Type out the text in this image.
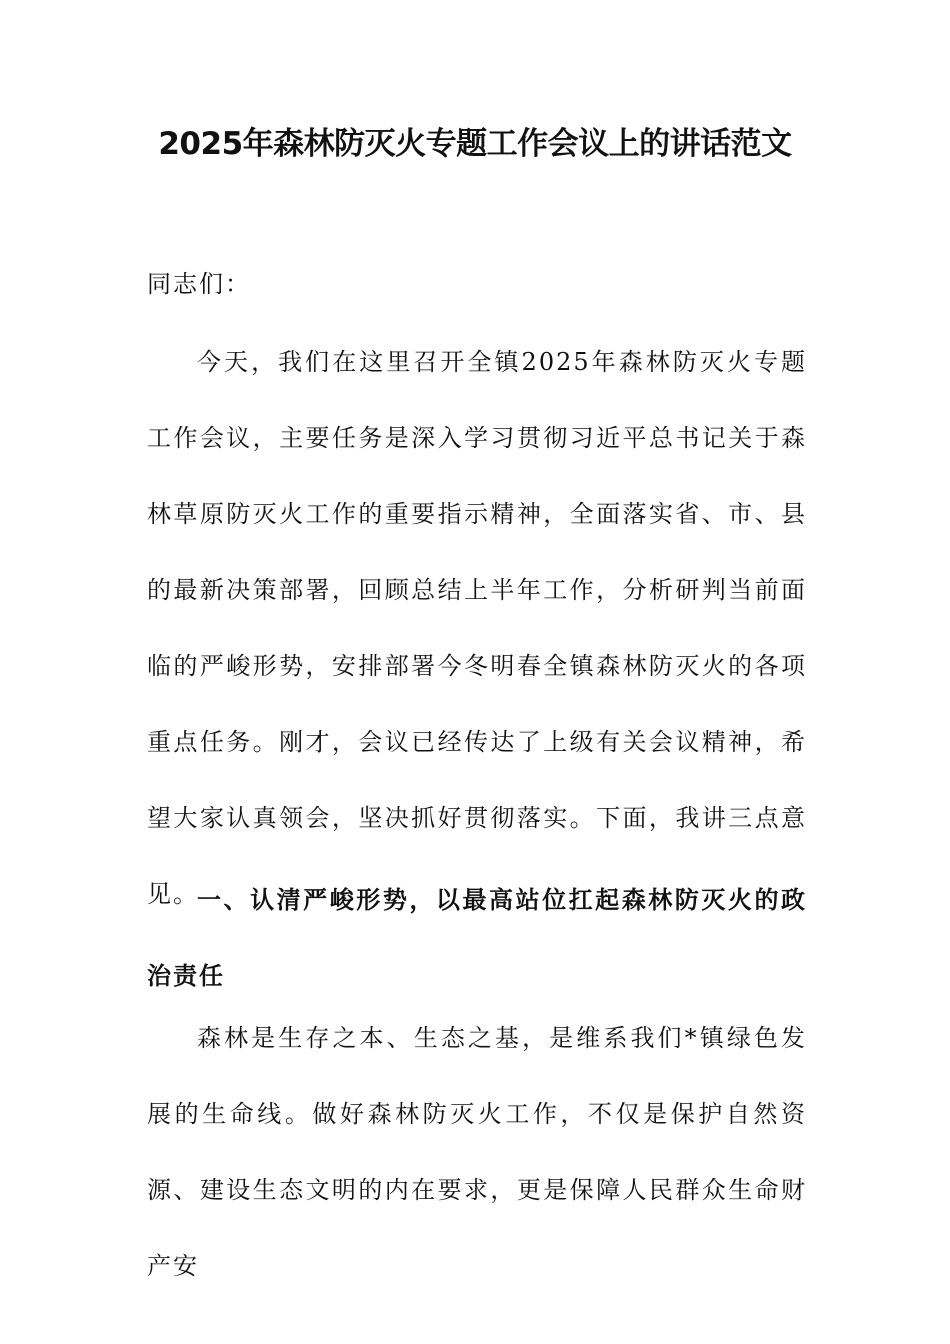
2025年森林防灭火专题工作会议上的讲话范文

同志们：

今天，我们在这里召开全镇2025年森林防灭火专题工作会议，主要任务是深入学习贯彻习近平总书记关于森林草原防灭火工作的重要指示精神，全面落实省、市、县的最新决策部署，回顾总结上半年工作，分析研判当前面临的严峻形势，安排部署今冬明春全镇森林防灭火的各项重点任务。刚才，会议已经传达了上级有关会议精神，希望大家认真领会，坚决抓好贯彻落实。下面，我讲三点意见。

一、认清严峻形势，以最高站位扛起森林防灭火的政治责任

森林是生存之本、生态之基，是维系我们*镇绿色发展的生命线。做好森林防灭火工作，不仅是保护自然资源、建设生态文明的内在要求，更是保障人民群众生命财产安
